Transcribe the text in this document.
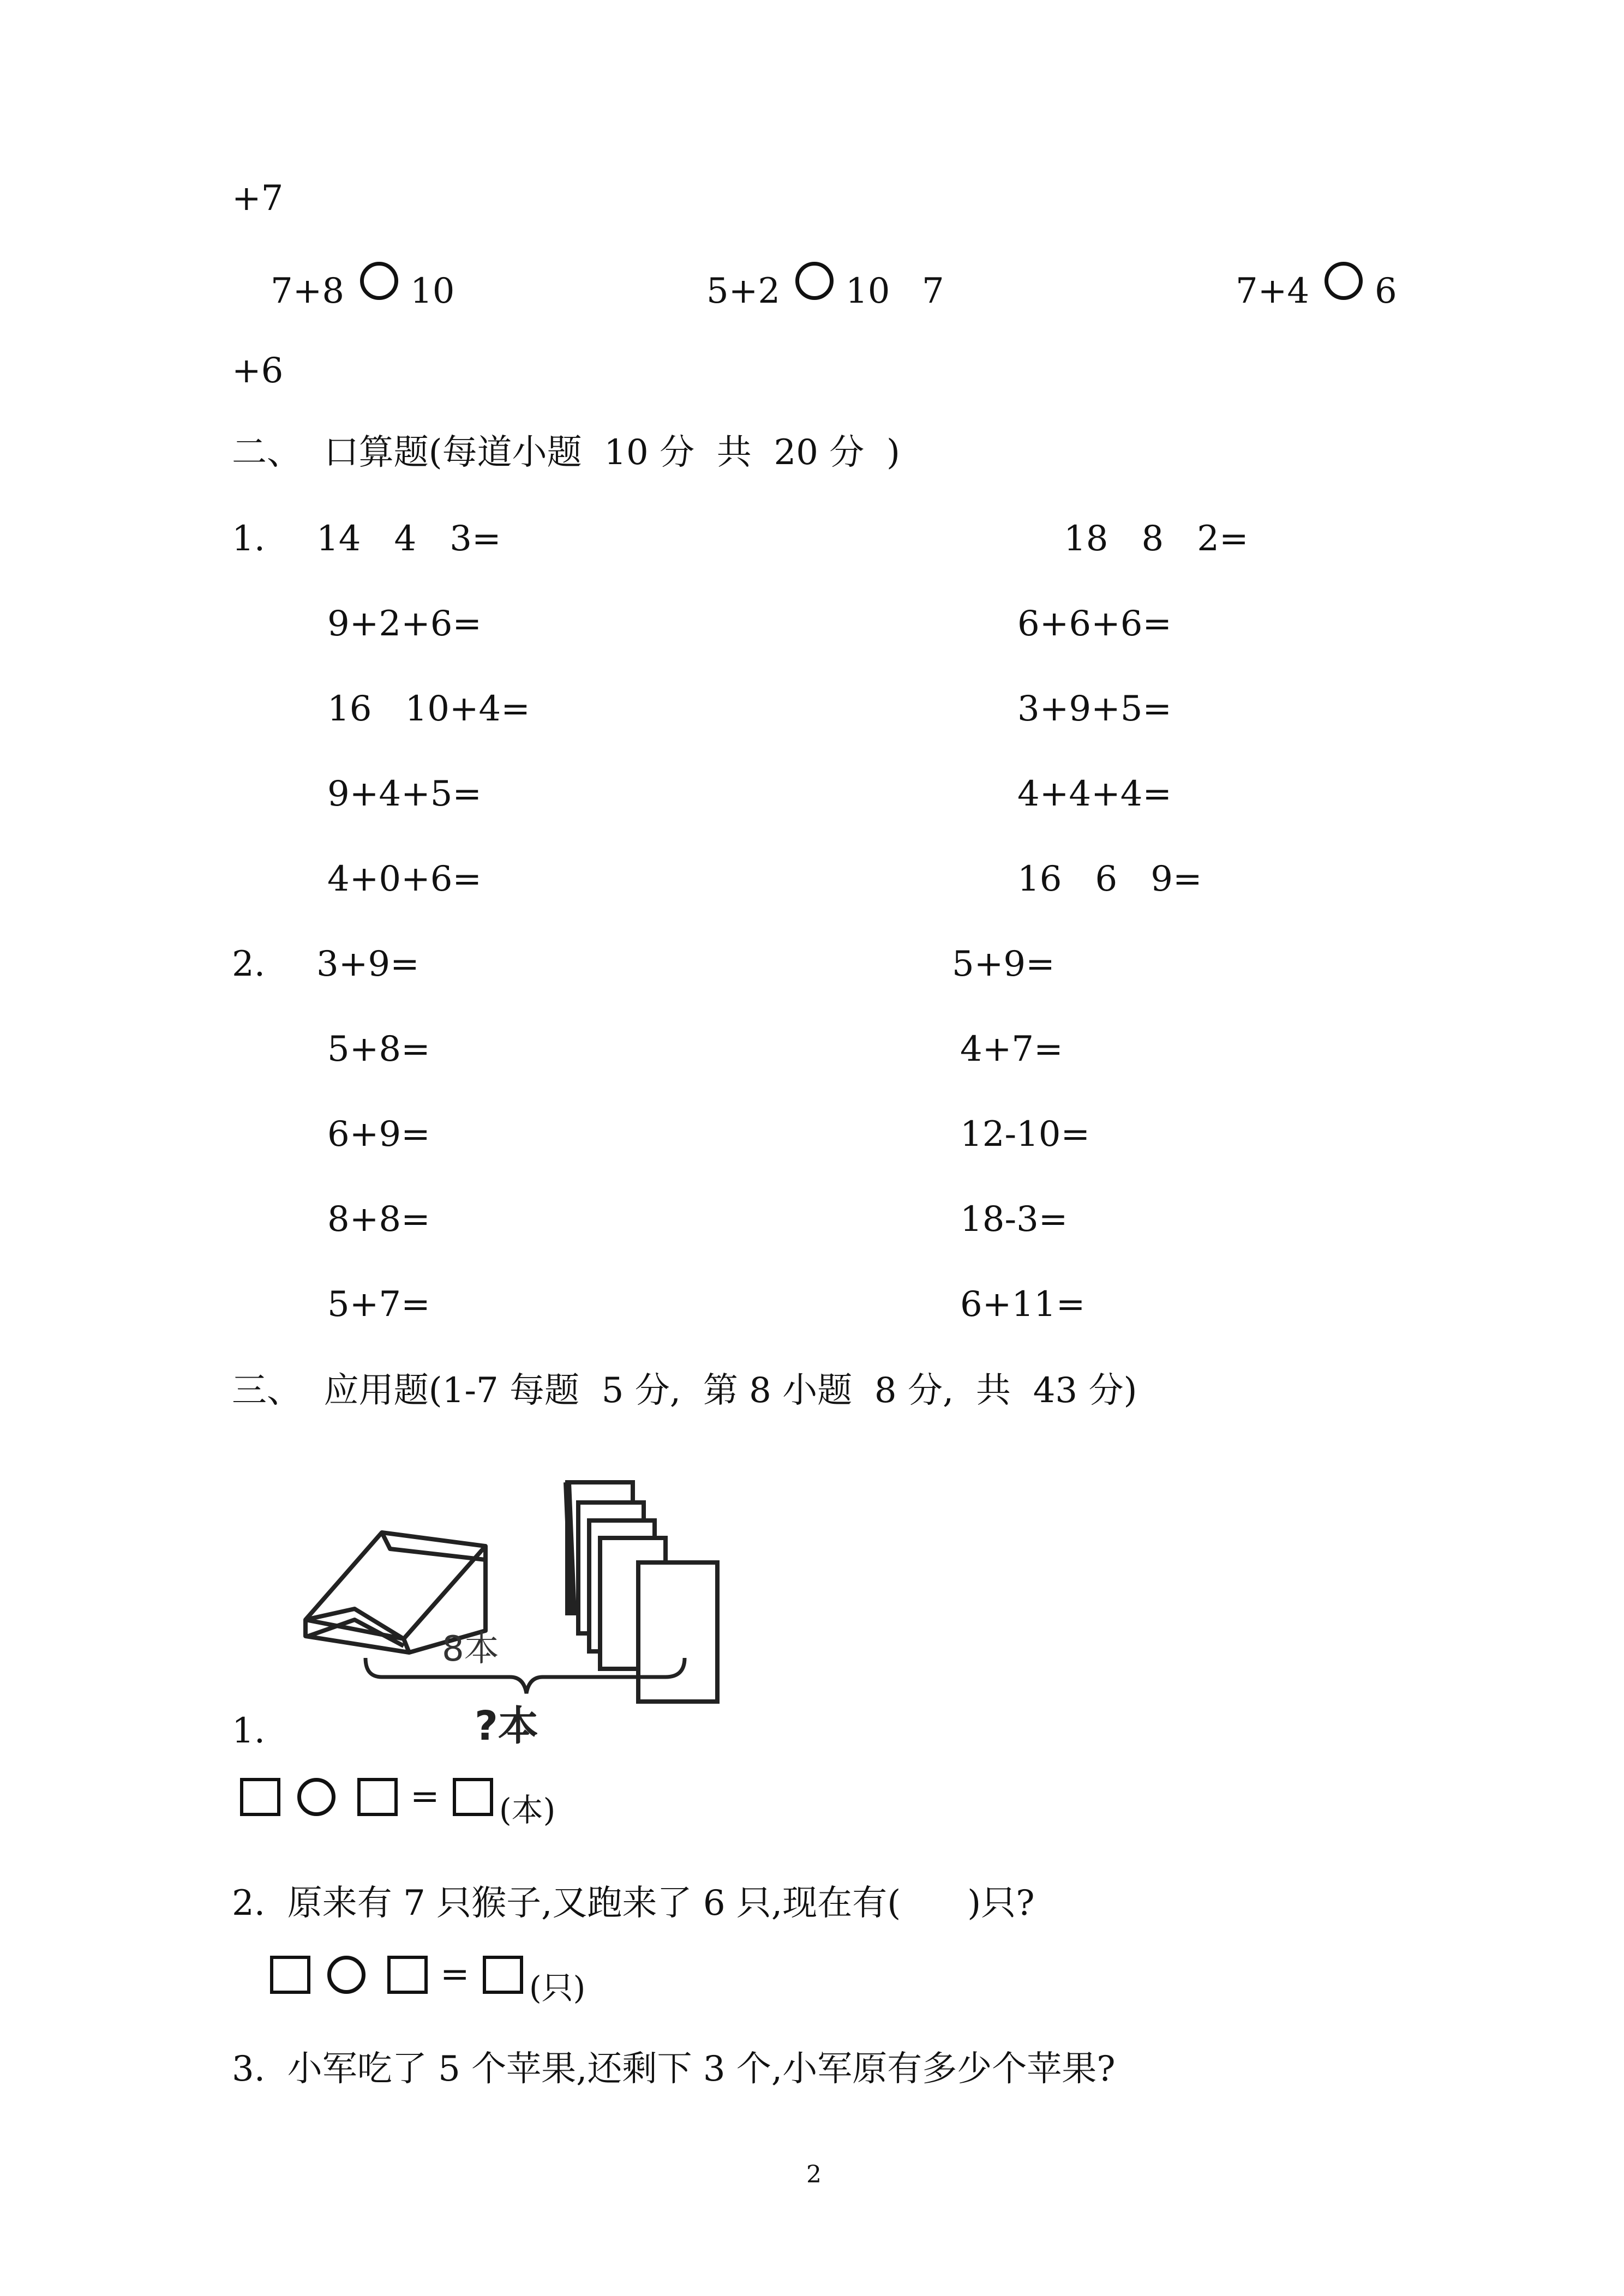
+7
7+8 10	5+2 10 7	7+4 6
+6
二、  口算题(每道小题  10 分  共  20 分  )
1. 14   4   3=
9+2+6=
16   10+4=
9+4+5=
4+0+6=
18   8   2=
6+6+6=
3+9+5=
4+4+4=
16   6   9=
2. 3+9=
5+8=
6+9=
8+8=
5+7=
5+9=
4+7=
12-10=
18-3=
6+11=
三、  应用题(1-7 每题  5 分,  第 8 小题  8 分,  共  43 分)
8本
?本
1.
= (本)
2.  原来有 7 只猴子,又跑来了 6 只,现在有(      )只?
= (只)
3.  小军吃了 5 个苹果,还剩下 3 个,小军原有多少个苹果?
2
